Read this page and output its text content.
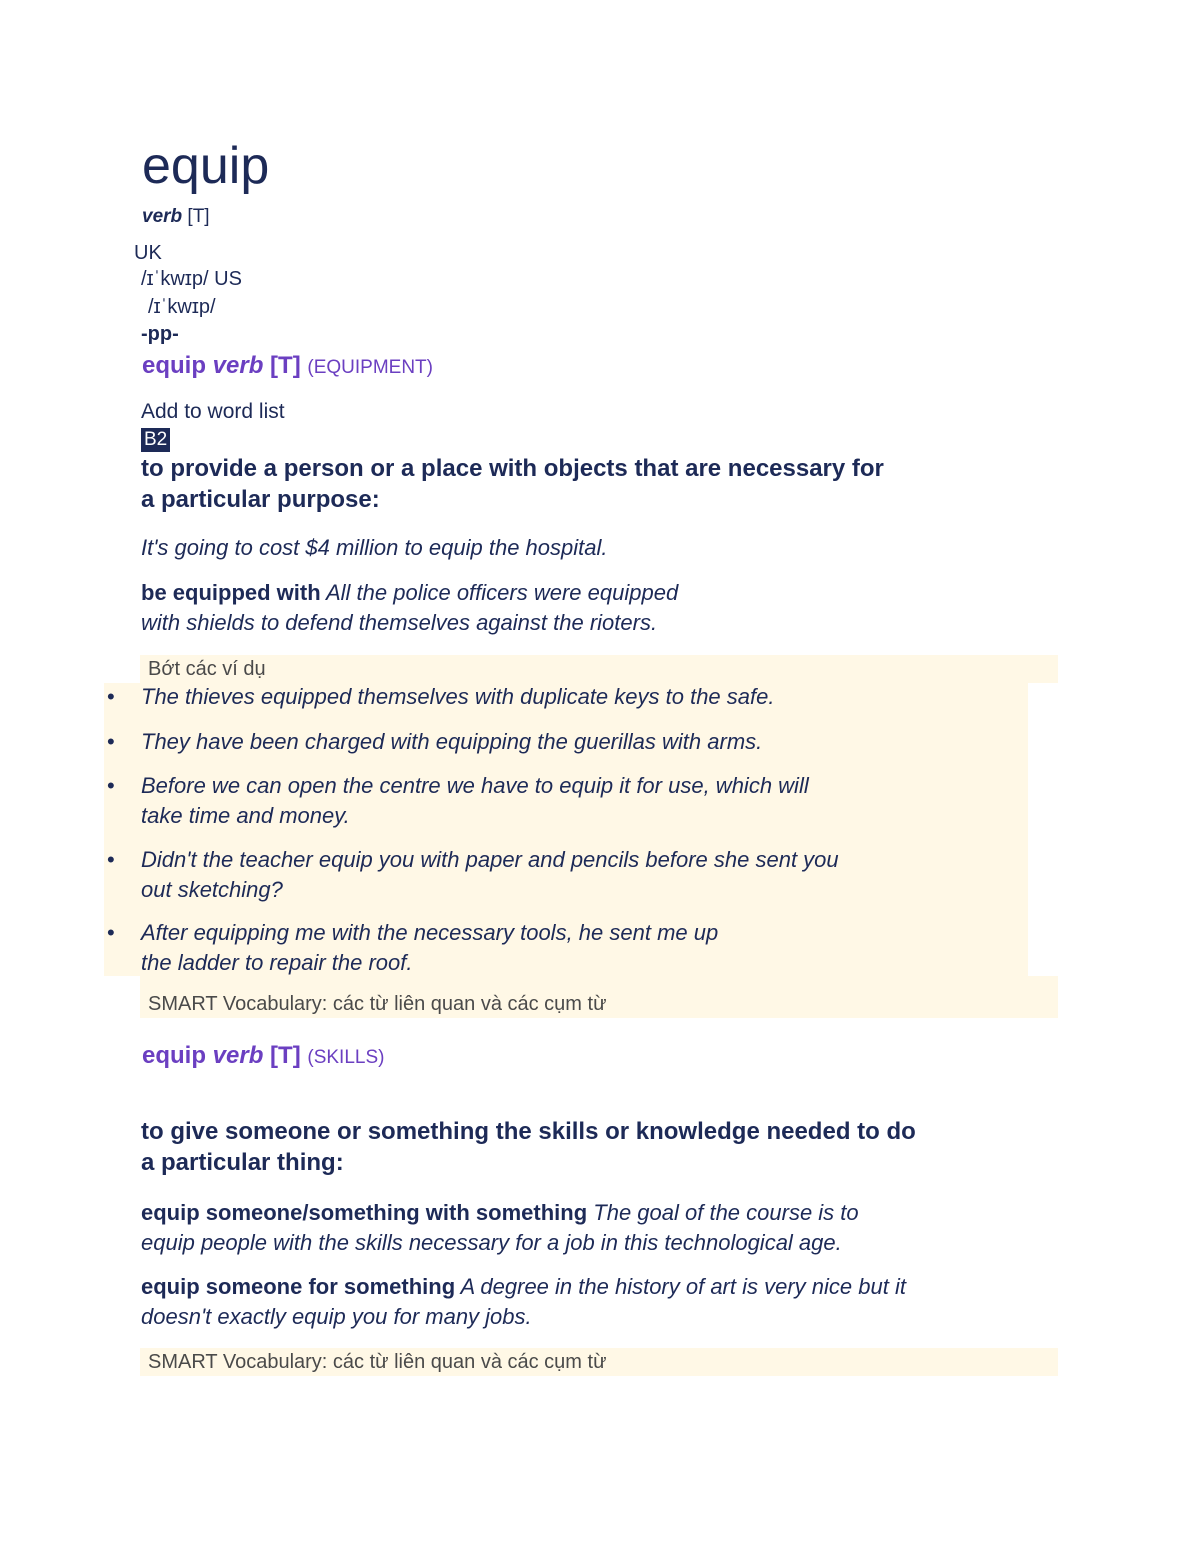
equip
verb [T]
UK
/ɪˈkwɪp/ US
/ɪˈkwɪp/
-pp-
equip verb [T] (EQUIPMENT)
Add to word list
B2
to provide a person or a place with objects that are necessary for
a particular purpose:
It's going to cost $4 million to equip the hospital.
be equipped with All the police officers were equipped
with shields to defend themselves against the rioters.
Bớt các ví dụ
• The thieves equipped themselves with duplicate keys to the safe.
• They have been charged with equipping the guerillas with arms.
• Before we can open the centre we have to equip it for use, which will
take time and money.
• Didn't the teacher equip you with paper and pencils before she sent you
out sketching?
• After equipping me with the necessary tools, he sent me up
the ladder to repair the roof.
SMART Vocabulary: các từ liên quan và các cụm từ
equip verb [T] (SKILLS)
to give someone or something the skills or knowledge needed to do
a particular thing:
equip someone/something with something The goal of the course is to
equip people with the skills necessary for a job in this technological age.
equip someone for something A degree in the history of art is very nice but it
doesn't exactly equip you for many jobs.
SMART Vocabulary: các từ liên quan và các cụm từ
